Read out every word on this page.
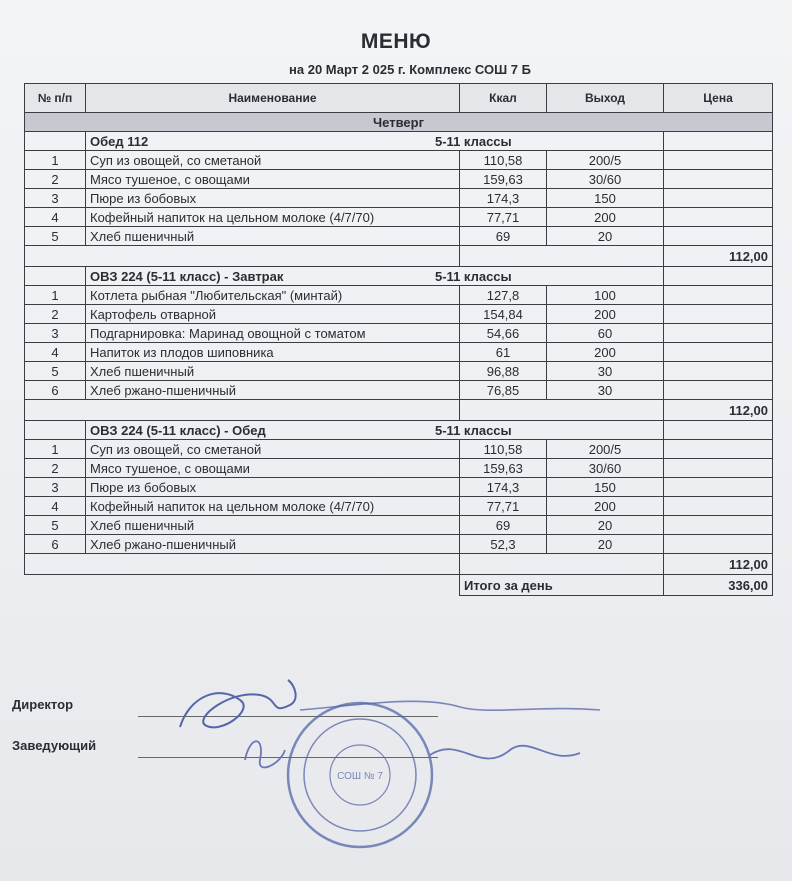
МЕНЮ
на 20 Март 2 025 г. Комплекс СОШ 7 Б
№ п/п	Наименование	Ккал	Выход	Цена
Четверг				
	Обед 112 5-11 классы			
1	Суп из овощей, со сметаной	110,58	200/5	
2	Мясо тушеное, с овощами	159,63	30/60	
3	Пюре из бобовых	174,3	150	
4	Кофейный напиток на цельном молоке (4/7/70)	77,71	200	
5	Хлеб пшеничный	69	20	
				112,00
	ОВЗ 224 (5-11 класс) - Завтрак 5-11 классы			
1	Котлета рыбная "Любительская" (минтай)	127,8	100	
2	Картофель отварной	154,84	200	
3	Подгарнировка: Маринад овощной с томатом	54,66	60	
4	Напиток из плодов шиповника	61	200	
5	Хлеб пшеничный	96,88	30	
6	Хлеб ржано-пшеничный	76,85	30	
				112,00
	ОВЗ 224 (5-11 класс) - Обед 5-11 классы			
1	Суп из овощей, со сметаной	110,58	200/5	
2	Мясо тушеное, с овощами	159,63	30/60	
3	Пюре из бобовых	174,3	150	
4	Кофейный напиток на цельном молоке (4/7/70)	77,71	200	
5	Хлеб пшеничный	69	20	
6	Хлеб ржано-пшеничный	52,3	20	
				112,00
		Итого за день		336,00
Директор
Заведующий
СОШ № 7
